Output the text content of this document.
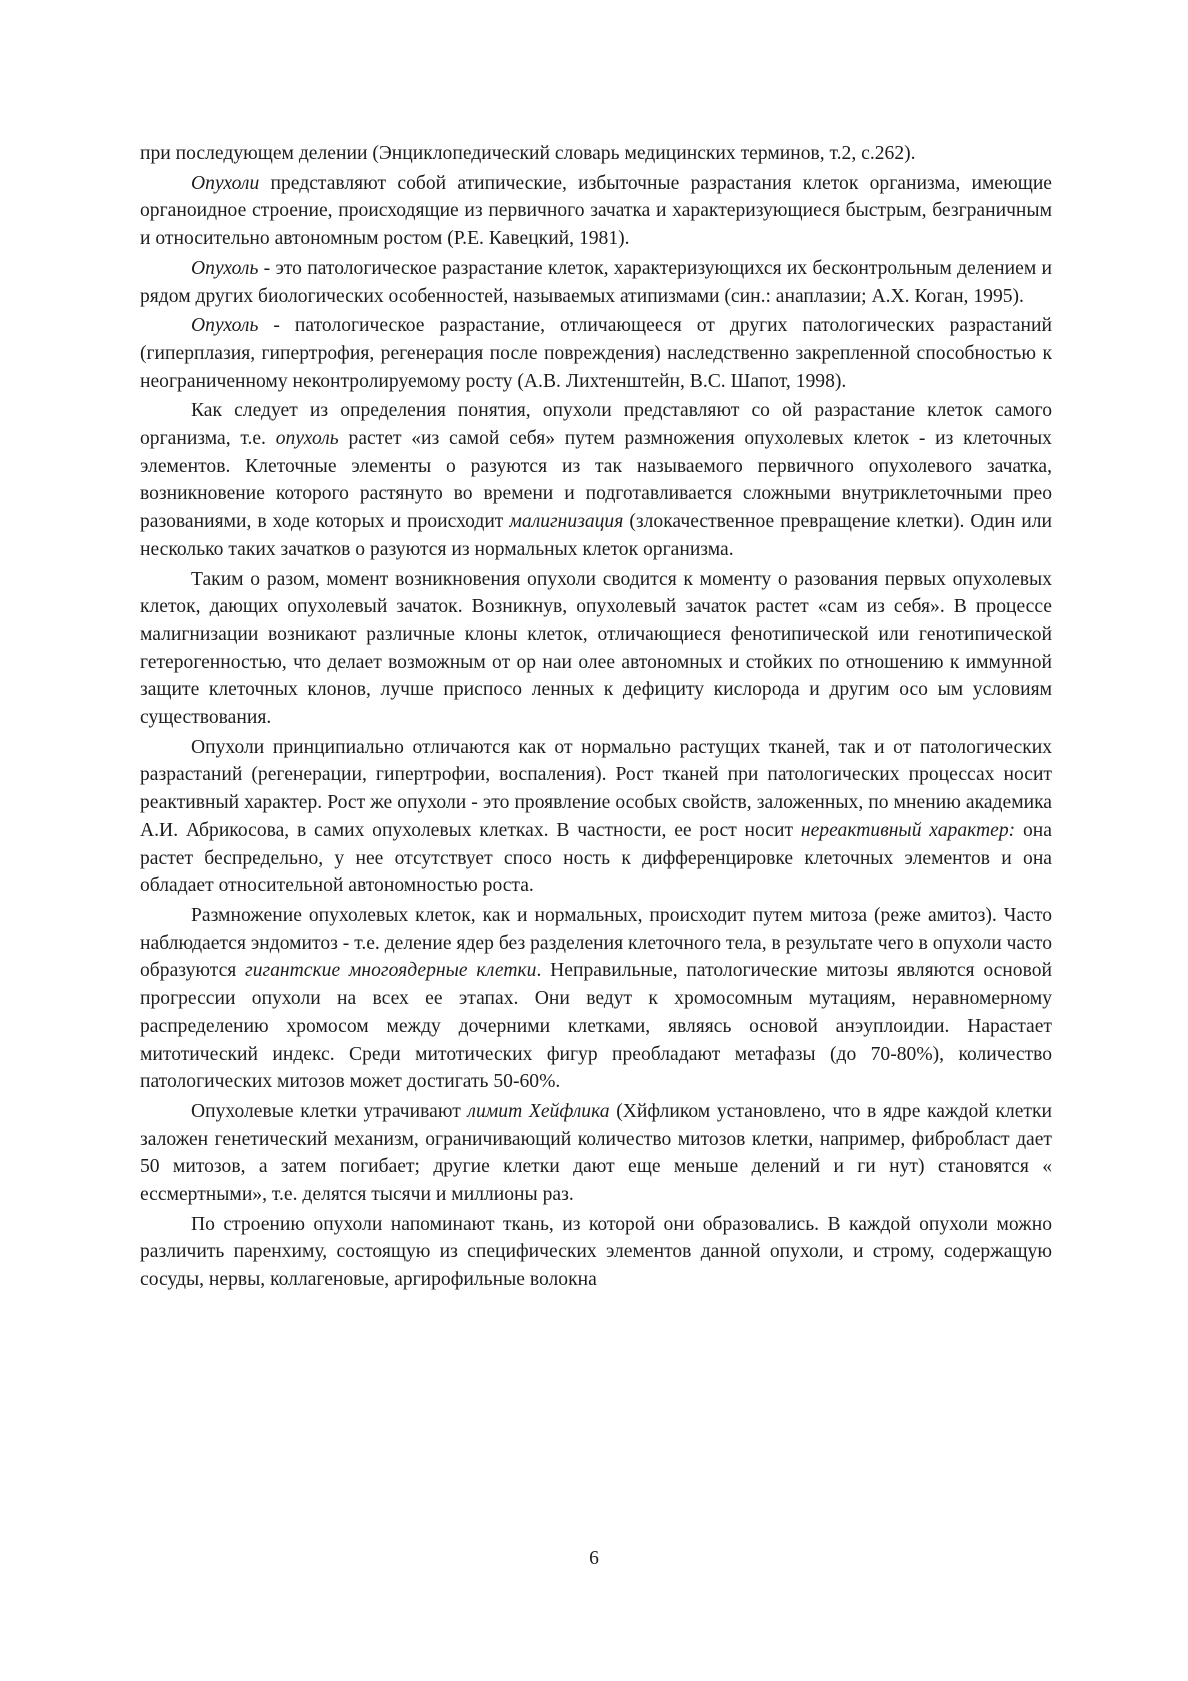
при последующем делении (Энциклопедический словарь медицинских терминов, т.2, с.262).

Опухоли представляют собой атипические, избыточные разрастания клеток организма, имеющие органоидное строение, происходящие из первичного зачатка и характеризующиеся быстрым, безграничным и относительно автономным ростом (Р.Е. Кавецкий, 1981).

Опухоль - это патологическое разрастание клеток, характеризующихся их бесконтрольным делением и рядом других биологических особенностей, называемых атипизмами (син.: анаплазии; А.Х. Коган, 1995).

Опухоль - патологическое разрастание, отличающееся от других патологических разрастаний (гиперплазия, гипертрофия, регенерация после повреждения) наследственно закрепленной способностью к неограниченному неконтролируемому росту (А.В. Лихтенштейн, В.С. Шапот, 1998).

Как следует из определения понятия, опухоли представляют со ой разрастание клеток самого организма, т.е. опухоль растет «из самой себя» путем размножения опухолевых клеток - из клеточных элементов. Клеточные элементы о разуются из так называемого первичного опухолевого зачатка, возникновение которого растянуто во времени и подготавливается сложными внутриклеточными прео разованиями, в ходе которых и происходит малигнизация (злокачественное превращение клетки). Один или несколько таких зачатков о разуются из нормальных клеток организма.

Таким о разом, момент возникновения опухоли сводится к моменту о разования первых опухолевых клеток, дающих опухолевый зачаток. Возникнув, опухолевый зачаток растет «сам из себя». В процессе малигнизации возникают различные клоны клеток, отличающиеся фенотипической или генотипической гетерогенностью, что делает возможным от ор наи олее автономных и стойких по отношению к иммунной защите клеточных клонов, лучше приспосо ленных к дефициту кислорода и другим осо ым условиям существования.

Опухоли принципиально отличаются как от нормально растущих тканей, так и от патологических разрастаний (регенерации, гипертрофии, воспаления). Рост тканей при патологических процессах носит реактивный характер. Рост же опухоли - это проявление особых свойств, заложенных, по мнению академика А.И. Абрикосова, в самих опухолевых клетках. В частности, ее рост носит нереактивный характер: она растет беспредельно, у нее отсутствует спосо ность к дифференцировке клеточных элементов и она обладает относительной автономностью роста.

Размножение опухолевых клеток, как и нормальных, происходит путем митоза (реже амитоз). Часто наблюдается эндомитоз - т.е. деление ядер без разделения клеточного тела, в результате чего в опухоли часто образуются гигантские многоядерные клетки. Неправильные, патологические митозы являются основой прогрессии опухоли на всех ее этапах. Они ведут к хромосомным мутациям, неравномерному распределению хромосом между дочерними клетками, являясь основой анэуплоидии. Нарастает митотический индекс. Среди митотических фигур преобладают метафазы (до 70-80%), количество патологических митозов может достигать 50-60%.

Опухолевые клетки утрачивают лимит Хейфлика (Хйфликом установлено, что в ядре каждой клетки заложен генетический механизм, ограничивающий количество митозов клетки, например, фибробласт дает 50 митозов, а затем погибает; другие клетки дают еще меньше делений и ги нут) становятся « ессмертными», т.е. делятся тысячи и миллионы раз.

По строению опухоли напоминают ткань, из которой они образовались. В каждой опухоли можно различить паренхиму, состоящую из специфических элементов данной опухоли, и строму, содержащую сосуды, нервы, коллагеновые, аргирофильные волокна

6
